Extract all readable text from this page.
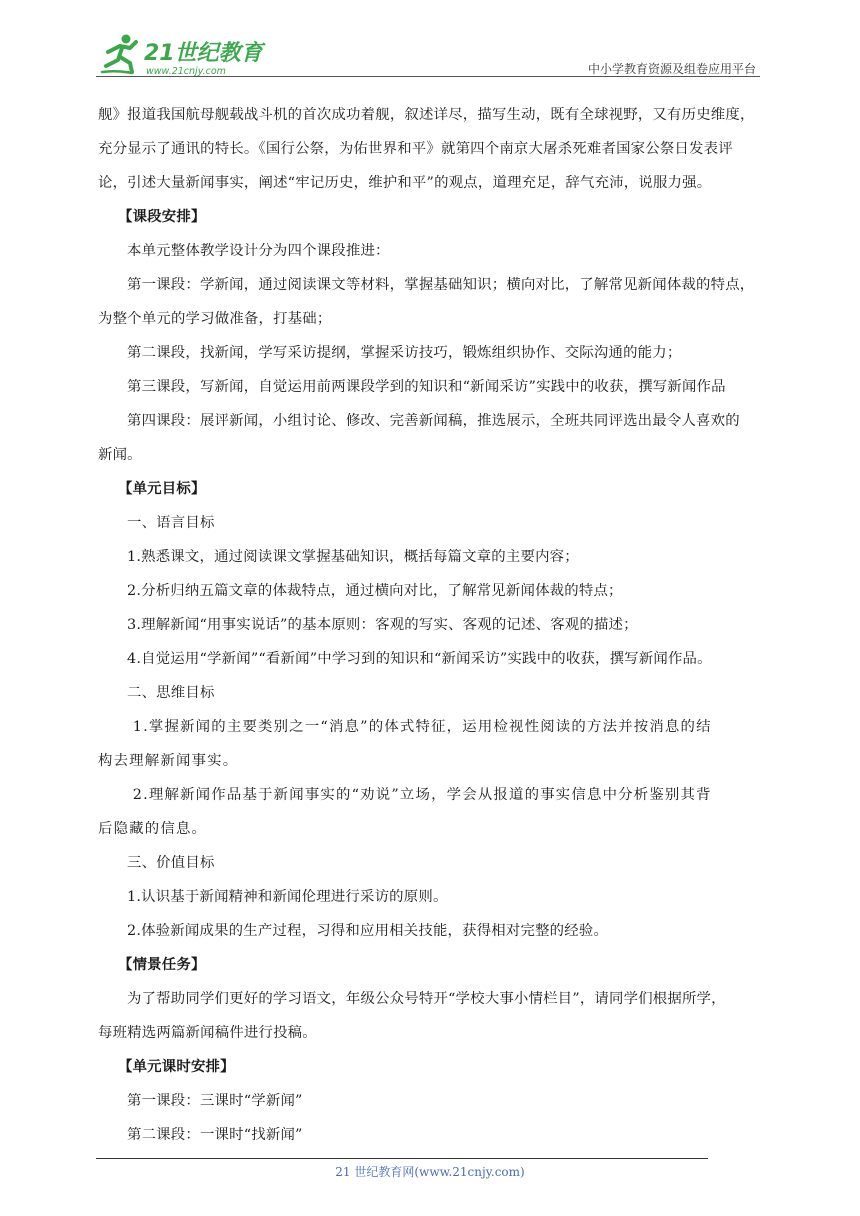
21世纪教育
www.21cnjy.com	中小学教育资源及组卷应用平台

舰》报道我国航母舰载战斗机的首次成功着舰，叙述详尽，描写生动，既有全球视野，又有历史维度，

充分显示了通讯的特长。《国行公祭，为佑世界和平》就第四个南京大屠杀死难者国家公祭日发表评

论，引述大量新闻事实，阐述“牢记历史，维护和平”的观点，道理充足，辞气充沛，说服力强。

【课段安排】

本单元整体教学设计分为四个课段推进：

第一课段：学新闻，通过阅读课文等材料，掌握基础知识；横向对比，了解常见新闻体裁的特点，

为整个单元的学习做准备，打基础；

第二课段，找新闻，学写采访提纲，掌握采访技巧，锻炼组织协作、交际沟通的能力；

第三课段，写新闻，自觉运用前两课段学到的知识和“新闻采访”实践中的收获，撰写新闻作品

第四课段：展评新闻，小组讨论、修改、完善新闻稿，推选展示，全班共同评选出最令人喜欢的

新闻。

【单元目标】

一、语言目标

1.熟悉课文，通过阅读课文掌握基础知识，概括每篇文章的主要内容；

2.分析归纳五篇文章的体裁特点，通过横向对比，了解常见新闻体裁的特点；

3.理解新闻“用事实说话”的基本原则：客观的写实、客观的记述、客观的描述；

4.自觉运用“学新闻”“看新闻”中学习到的知识和“新闻采访”实践中的收获，撰写新闻作品。

二、思维目标

1.掌握新闻的主要类别之一“消息”的体式特征，运用检视性阅读的方法并按消息的结

构去理解新闻事实。

2.理解新闻作品基于新闻事实的“劝说”立场，学会从报道的事实信息中分析鉴别其背

后隐藏的信息。

三、价值目标

1.认识基于新闻精神和新闻伦理进行采访的原则。

2.体验新闻成果的生产过程，习得和应用相关技能，获得相对完整的经验。

【情景任务】

为了帮助同学们更好的学习语文，年级公众号特开“学校大事小情栏目”，请同学们根据所学，

每班精选两篇新闻稿件进行投稿。

【单元课时安排】

第一课段：三课时“学新闻”

第二课段：一课时“找新闻”

21 世纪教育网(www.21cnjy.com)
